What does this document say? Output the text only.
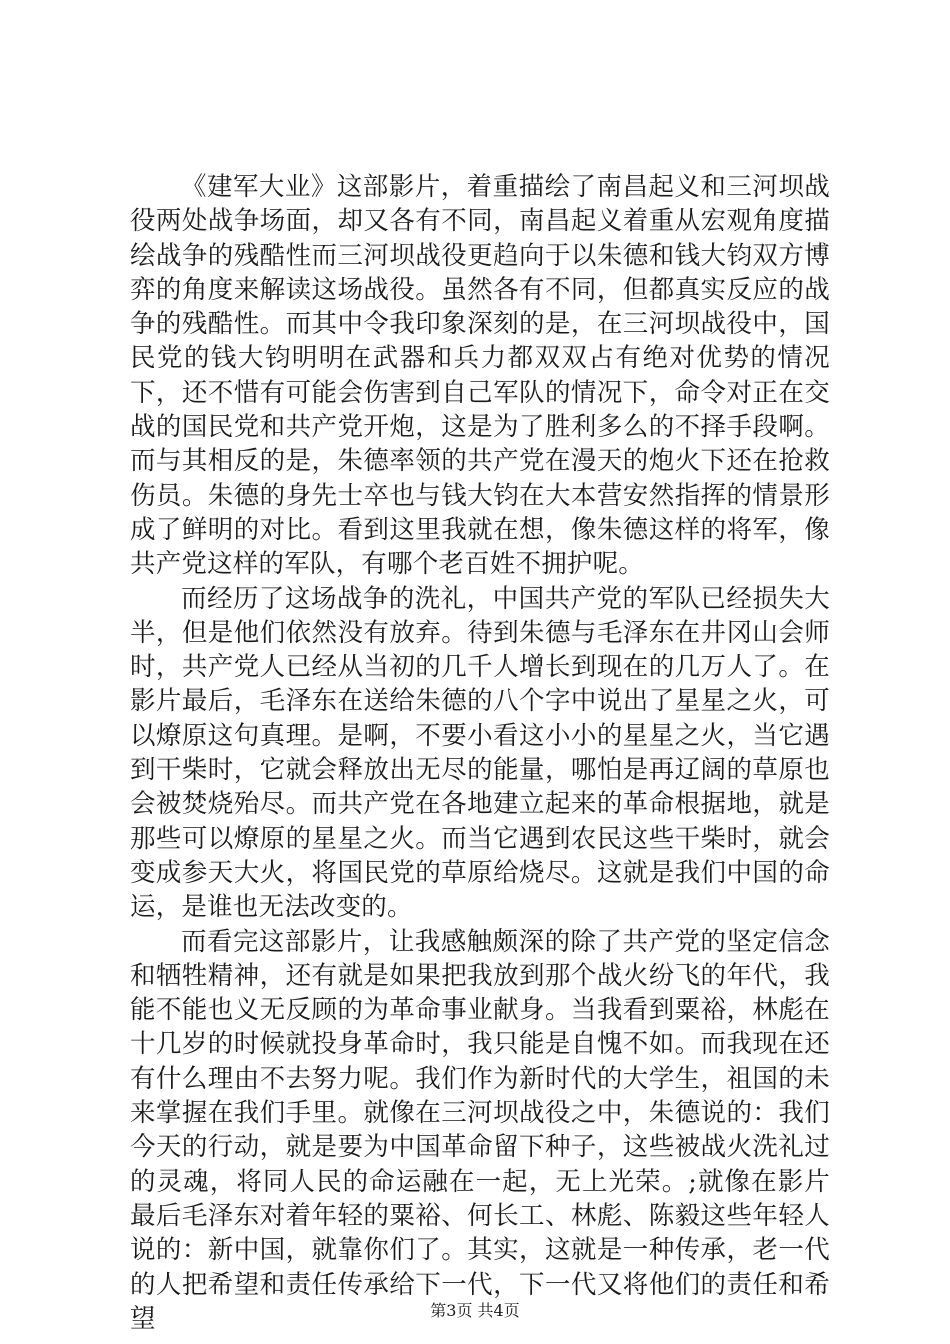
《建军大业》这部影片，着重描绘了南昌起义和三河坝战役两处战争场面，却又各有不同，南昌起义着重从宏观角度描绘战争的残酷性而三河坝战役更趋向于以朱德和钱大钧双方博弈的角度来解读这场战役。虽然各有不同，但都真实反应的战争的残酷性。而其中令我印象深刻的是，在三河坝战役中，国民党的钱大钧明明在武器和兵力都双双占有绝对优势的情况下，还不惜有可能会伤害到自己军队的情况下，命令对正在交战的国民党和共产党开炮，这是为了胜利多么的不择手段啊。而与其相反的是，朱德率领的共产党在漫天的炮火下还在抢救伤员。朱德的身先士卒也与钱大钧在大本营安然指挥的情景形成了鲜明的对比。看到这里我就在想，像朱德这样的将军，像共产党这样的军队，有哪个老百姓不拥护呢。

而经历了这场战争的洗礼，中国共产党的军队已经损失大半，但是他们依然没有放弃。待到朱德与毛泽东在井冈山会师时，共产党人已经从当初的几千人增长到现在的几万人了。在影片最后，毛泽东在送给朱德的八个字中说出了星星之火，可以燎原这句真理。是啊，不要小看这小小的星星之火，当它遇到干柴时，它就会释放出无尽的能量，哪怕是再辽阔的草原也会被焚烧殆尽。而共产党在各地建立起来的革命根据地，就是那些可以燎原的星星之火。而当它遇到农民这些干柴时，就会变成参天大火，将国民党的草原给烧尽。这就是我们中国的命运，是谁也无法改变的。

而看完这部影片，让我感触颇深的除了共产党的坚定信念和牺牲精神，还有就是如果把我放到那个战火纷飞的年代，我能不能也义无反顾的为革命事业献身。当我看到粟裕，林彪在十几岁的时候就投身革命时，我只能是自愧不如。而我现在还有什么理由不去努力呢。我们作为新时代的大学生，祖国的未来掌握在我们手里。就像在三河坝战役之中，朱德说的：我们今天的行动，就是要为中国革命留下种子，这些被战火洗礼过的灵魂，将同人民的命运融在一起，无上光荣。;就像在影片最后毛泽东对着年轻的粟裕、何长工、林彪、陈毅这些年轻人说的：新中国，就靠你们了。其实，这就是一种传承，老一代的人把希望和责任传承给下一代，下一代又将他们的责任和希望	第3页 共4页
